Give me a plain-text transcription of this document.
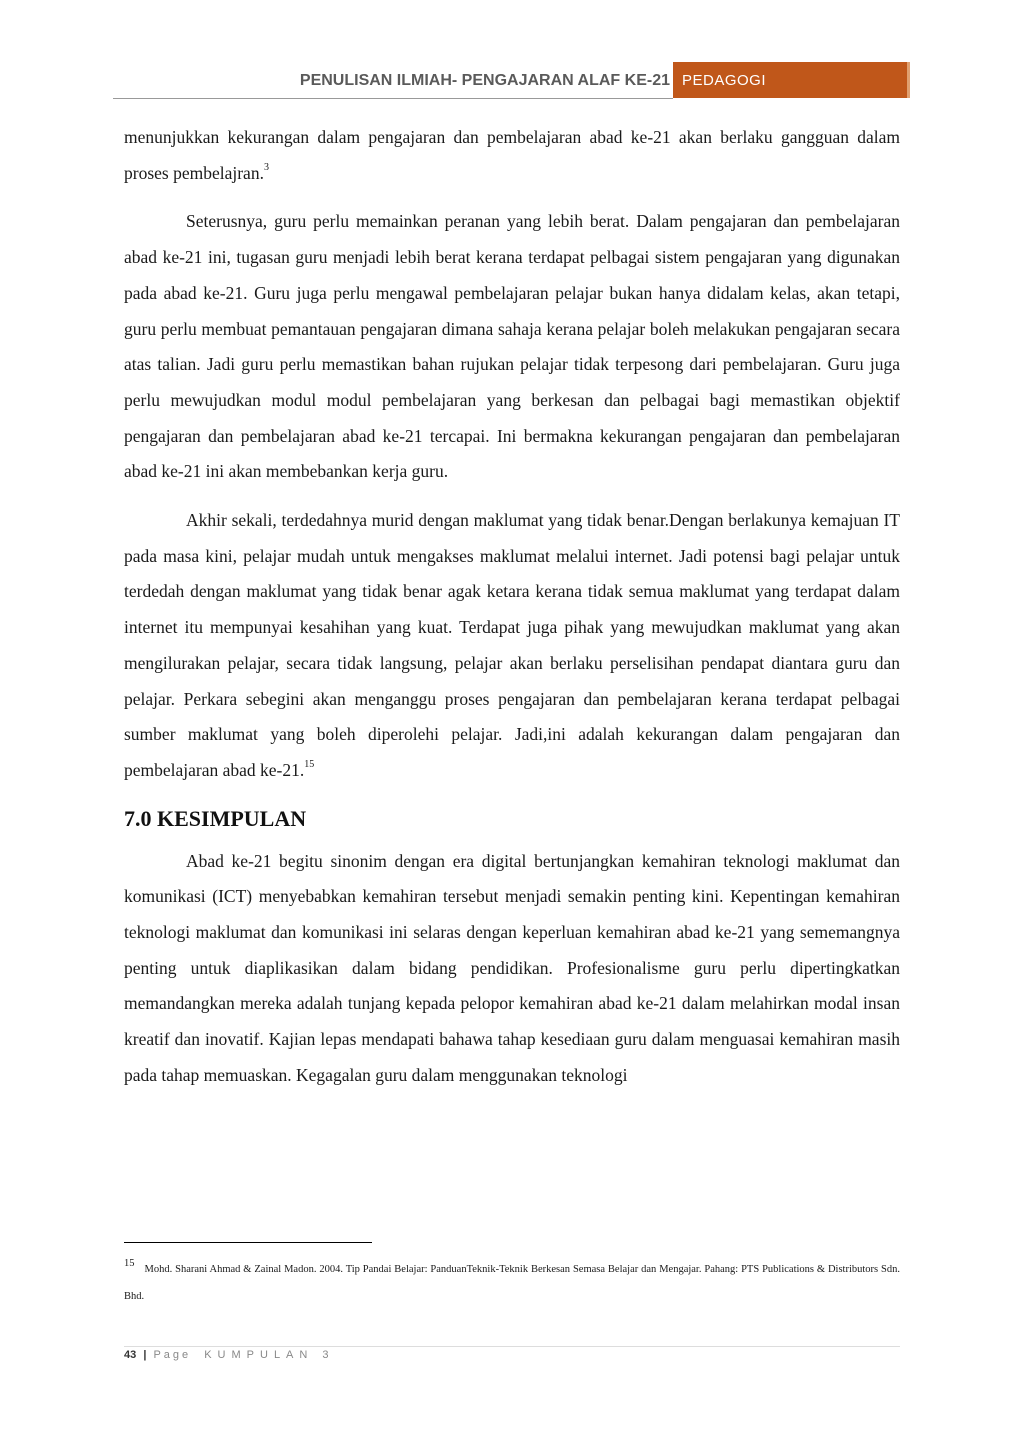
PENULISAN ILMIAH- PENGAJARAN ALAF KE-21 PEDAGOGI

menunjukkan kekurangan dalam pengajaran dan pembelajaran abad ke-21 akan berlaku gangguan dalam proses pembelajran.$^3$

Seterusnya, guru perlu memainkan peranan yang lebih berat. Dalam pengajaran dan pembelajaran abad ke-21 ini, tugasan guru menjadi lebih berat kerana terdapat pelbagai sistem pengajaran yang digunakan pada abad ke-21. Guru juga perlu mengawal pembelajaran pelajar bukan hanya didalam kelas, akan tetapi, guru perlu membuat pemantauan pengajaran dimana sahaja kerana pelajar boleh melakukan pengajaran secara atas talian. Jadi guru perlu memastikan bahan rujukan pelajar tidak terpesong dari pembelajaran. Guru juga perlu mewujudkan modul modul pembelajaran yang berkesan dan pelbagai bagi memastikan objektif pengajaran dan pembelajaran abad ke-21 tercapai. Ini bermakna kekurangan pengajaran dan pembelajaran abad ke-21 ini akan membebankan kerja guru.

Akhir sekali, terdedahnya murid dengan maklumat yang tidak benar.Dengan berlakunya kemajuan IT pada masa kini, pelajar mudah untuk mengakses maklumat melalui internet. Jadi potensi bagi pelajar untuk terdedah dengan maklumat yang tidak benar agak ketara kerana tidak semua maklumat yang terdapat dalam internet itu mempunyai kesahihan yang kuat. Terdapat juga pihak yang mewujudkan maklumat yang akan mengilurakan pelajar, secara tidak langsung, pelajar akan berlaku perselisihan pendapat diantara guru dan pelajar. Perkara sebegini akan menganggu proses pengajaran dan pembelajaran kerana terdapat pelbagai sumber maklumat yang boleh diperolehi pelajar. Jadi,ini adalah kekurangan dalam pengajaran dan pembelajaran abad ke-21.15

7.0 KESIMPULAN

Abad ke-21 begitu sinonim dengan era digital bertunjangkan kemahiran teknologi maklumat dan komunikasi (ICT) menyebabkan kemahiran tersebut menjadi semakin penting kini. Kepentingan kemahiran teknologi maklumat dan komunikasi ini selaras dengan keperluan kemahiran abad ke-21 yang sememangnya penting untuk diaplikasikan dalam bidang pendidikan. Profesionalisme guru perlu dipertingkatkan memandangkan mereka adalah tunjang kepada pelopor kemahiran abad ke-21 dalam melahirkan modal insan kreatif dan inovatif. Kajian lepas mendapati bahawa tahap kesediaan guru dalam menguasai kemahiran masih pada tahap memuaskan. Kegagalan guru dalam menggunakan teknologi

$^{15}$Mohd. Sharani Ahmad & Zainal Madon. 2004. Tip Pandai Belajar: PanduanTeknik-Teknik Berkesan Semasa Belajar dan Mengajar. Pahang: PTS Publications & Distributors Sdn. Bhd.
43 | Page KUMPULAN 3
